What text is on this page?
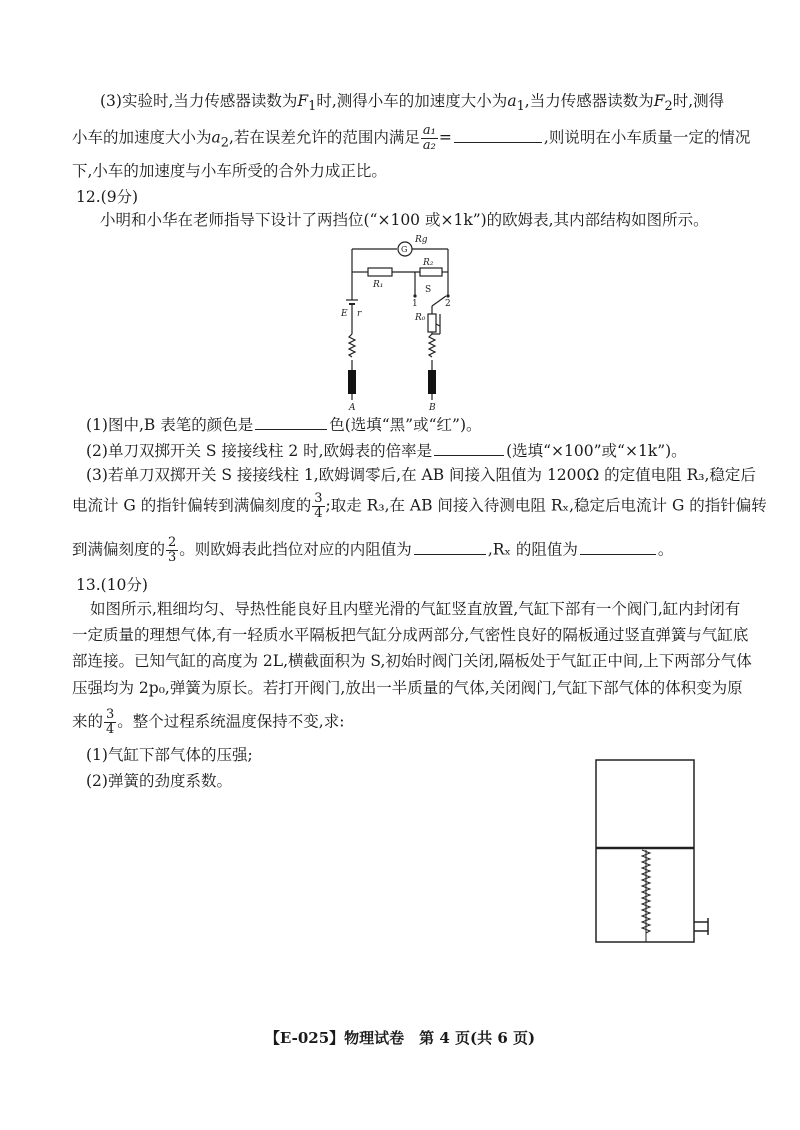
(3)实验时,当力传感器读数为$F_1$时,测得小车的加速度大小为$a_1$,当力传感器读数为$F_2$时,测得
小车的加速度大小为$a_2$,若在误差允许的范围内满足 $\frac{\text{a₁}}{\text{a₂}}$ =	,则说明在小车质量一定的情况
下,小车的加速度与小车所受的合外力成正比。
12.(9分)
小明和小华在老师指导下设计了两挡位(“×100 或×1k”)的欧姆表,其内部结构如图所示。
G
Rg
R₁
R₂
S
1	2
E r	R₀
A	B
(1)图中,B 表笔的颜色是	色(选填“黑”或“红”)。
(2)单刀双掷开关 S 接接线柱 2 时,欧姆表的倍率是	(选填“×100”或“×1k”)。
(3)若单刀双掷开关 S 接接线柱 1,欧姆调零后,在 AB 间接入阻值为 1200Ω 的定值电阻 R₃,稳定后
电流计 G 的指针偏转到满偏刻度的 $\frac{3}{4}$ ;取走 R₃,在 AB 间接入待测电阻 Rₓ,稳定后电流计 G 的指针偏转
到满偏刻度的 $\frac{2}{3}$ 。则欧姆表此挡位对应的内阻值为	,Rₓ 的阻值为	。
13.(10分)
如图所示,粗细均匀、导热性能良好且内壁光滑的气缸竖直放置,气缸下部有一个阀门,缸内封闭有
一定质量的理想气体,有一轻质水平隔板把气缸分成两部分,气密性良好的隔板通过竖直弹簧与气缸底
部连接。已知气缸的高度为 2L,横截面积为 S,初始时阀门关闭,隔板处于气缸正中间,上下两部分气体
压强均为 2p₀,弹簧为原长。若打开阀门,放出一半质量的气体,关闭阀门,气缸下部气体的体积变为原
来的 $\frac{3}{4}$ 。整个过程系统温度保持不变,求:
(1)气缸下部气体的压强;
(2)弹簧的劲度系数。
【E-025】物理试卷　第 4 页(共 6 页)
